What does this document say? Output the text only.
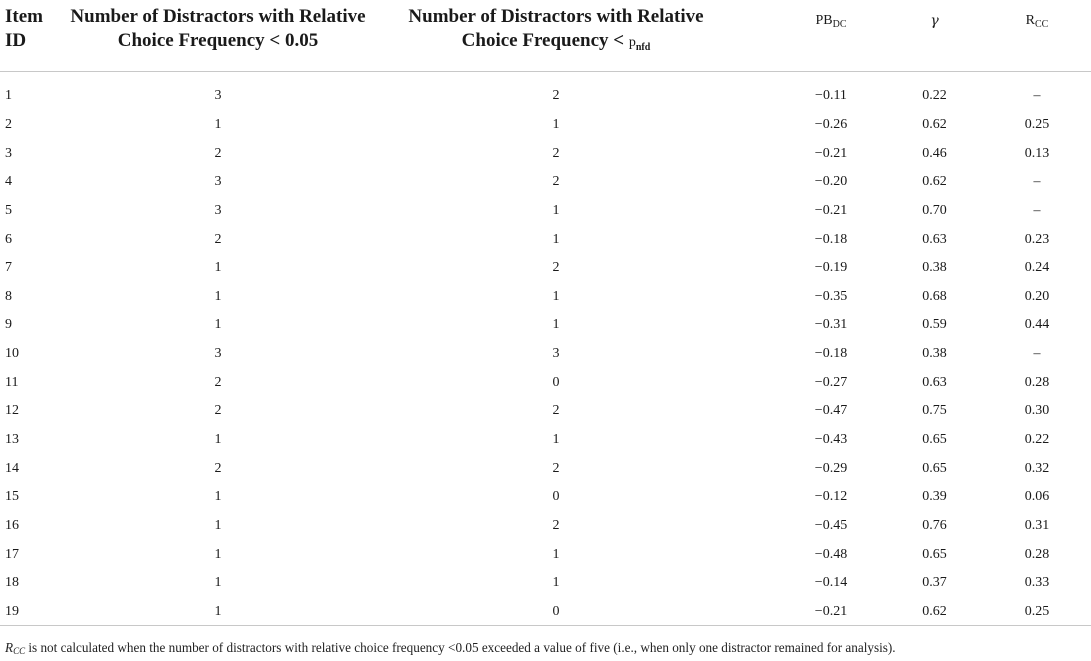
Item
ID	Number of Distractors with Relative
Choice Frequency < 0.05	Number of Distractors with Relative
Choice Frequency < $p_{nfd}$	$PB_{DC}$	γ	$R_{CC}$
1	3	2	−0.11	0.22	–
2	1	1	−0.26	0.62	0.25
3	2	2	−0.21	0.46	0.13
4	3	2	−0.20	0.62	–
5	3	1	−0.21	0.70	–
6	2	1	−0.18	0.63	0.23
7	1	2	−0.19	0.38	0.24
8	1	1	−0.35	0.68	0.20
9	1	1	−0.31	0.59	0.44
10	3	3	−0.18	0.38	–
11	2	0	−0.27	0.63	0.28
12	2	2	−0.47	0.75	0.30
13	1	1	−0.43	0.65	0.22
14	2	2	−0.29	0.65	0.32
15	1	0	−0.12	0.39	0.06
16	1	2	−0.45	0.76	0.31
17	1	1	−0.48	0.65	0.28
18	1	1	−0.14	0.37	0.33
19	1	0	−0.21	0.62	0.25
$R_{CC}$ is not calculated when the number of distractors with relative choice frequency <0.05 exceeded a value of five (i.e., when only one distractor remained for analysis).
